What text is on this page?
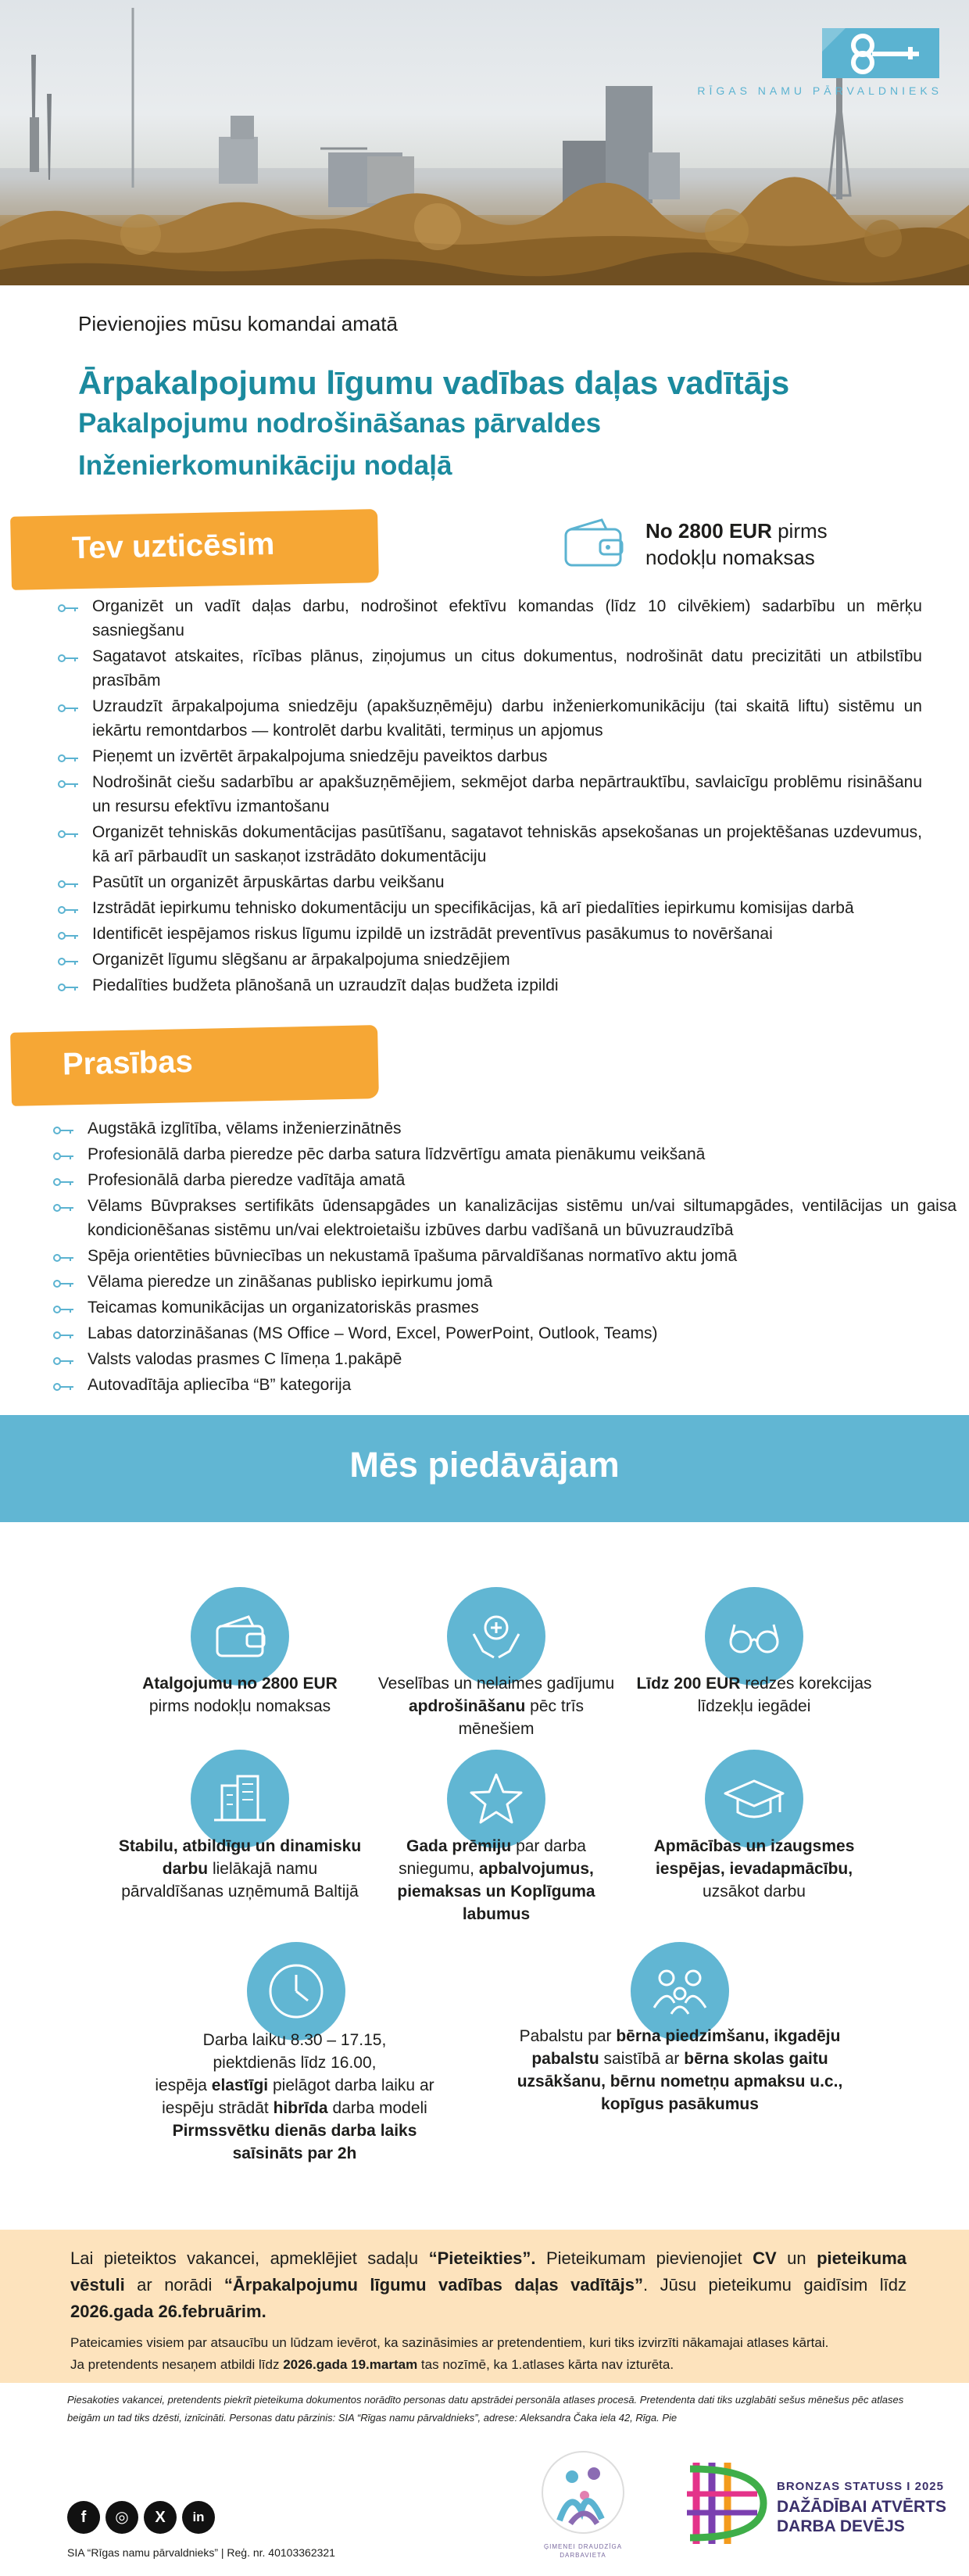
RĪGAS NAMU PĀRVALDNIEKS
Pievienojies mūsu komandai amatā
Ārpakalpojumu līgumu vadības daļas vadītājs
Pakalpojumu nodrošināšanas pārvaldes
Inženierkomunikāciju nodaļā
Tev uzticēsim	No 2800 EUR pirms
nodokļu nomaksas
Organizēt un vadīt daļas darbu, nodrošinot efektīvu komandas (līdz 10 cilvēkiem) sadarbību un mērķu sasniegšanu
Sagatavot atskaites, rīcības plānus, ziņojumus un citus dokumentus, nodrošināt datu precizitāti un atbilstību prasībām
Uzraudzīt ārpakalpojuma sniedzēju (apakšuzņēmēju) darbu inženierkomunikāciju (tai skaitā liftu) sistēmu un iekārtu remontdarbos — kontrolēt darbu kvalitāti, termiņus un apjomus
Pieņemt un izvērtēt ārpakalpojuma sniedzēju paveiktos darbus
Nodrošināt ciešu sadarbību ar apakšuzņēmējiem, sekmējot darba nepārtrauktību, savlaicīgu problēmu risināšanu un resursu efektīvu izmantošanu
Organizēt tehniskās dokumentācijas pasūtīšanu, sagatavot tehniskās apsekošanas un projektēšanas uzdevumus, kā arī pārbaudīt un saskaņot izstrādāto dokumentāciju
Pasūtīt un organizēt ārpuskārtas darbu veikšanu
Izstrādāt iepirkumu tehnisko dokumentāciju un specifikācijas, kā arī piedalīties iepirkumu komisijas darbā
Identificēt iespējamos riskus līgumu izpildē un izstrādāt preventīvus pasākumus to novēršanai
Organizēt līgumu slēgšanu ar ārpakalpojuma sniedzējiem
Piedalīties budžeta plānošanā un uzraudzīt daļas budžeta izpildi
Prasības
Augstākā izglītība, vēlams inženierzinātnēs
Profesionālā darba pieredze pēc darba satura līdzvērtīgu amata pienākumu veikšanā
Profesionālā darba pieredze vadītāja amatā
Vēlams Būvprakses sertifikāts ūdensapgādes un kanalizācijas sistēmu un/vai siltumapgādes, ventilācijas un gaisa kondicionēšanas sistēmu un/vai elektroietaišu izbūves darbu vadīšanā un būvuzraudzībā
Spēja orientēties būvniecības un nekustamā īpašuma pārvaldīšanas normatīvo aktu jomā
Vēlama pieredze un zināšanas publisko iepirkumu jomā
Teicamas komunikācijas un organizatoriskās prasmes
Labas datorzināšanas (MS Office – Word, Excel, PowerPoint, Outlook, Teams)
Valsts valodas prasmes C līmeņa 1.pakāpē
Autovadītāja apliecība “B” kategorija
Mēs piedāvājam
Atalgojumu no 2800 EUR
pirms nodokļu nomaksas
Veselības un nelaimes gadījumu apdrošināšanu pēc trīs mēnešiem
Līdz 200 EUR redzes korekcijas līdzekļu iegādei
Stabilu, atbildīgu un dinamisku darbu lielākajā namu pārvaldīšanas uzņēmumā Baltijā
Gada prēmiju par darba sniegumu, apbalvojumus, piemaksas un Koplīguma labumus
Apmācības un izaugsmes iespējas, ievadapmācību, uzsākot darbu
Darba laiku 8.30 – 17.15,
piektdienās līdz 16.00,
iespēja elastīgi pielāgot darba laiku ar
iespēju strādāt hibrīda darba modeli
Pirmssvētku dienās darba laiks saīsināts par 2h
Pabalstu par bērna piedzimšanu, ikgadēju pabalstu saistībā ar bērna skolas gaitu uzsākšanu, bērnu nometņu apmaksu u.c., kopīgus pasākumus
Lai pieteiktos vakancei, apmeklējiet sadaļu “Pieteikties”. Pieteikumam pievienojiet CV un pieteikuma vēstuli ar norādi “Ārpakalpojumu līgumu vadības daļas vadītājs”. Jūsu pieteikumu gaidīsim līdz 2026.gada 26.februārim.
Pateicamies visiem par atsaucību un lūdzam ievērot, ka sazināsimies ar pretendentiem, kuri tiks izvirzīti nākamajai atlases kārtai.
Ja pretendents nesaņem atbildi līdz 2026.gada 19.martam tas nozīmē, ka 1.atlases kārta nav izturēta.
Piesakoties vakancei, pretendents piekrīt pieteikuma dokumentos norādīto personas datu apstrādei personāla atlases procesā. Pretendenta dati tiks uzglabāti sešus mēnešus pēc atlases beigām un tad tiks dzēsti, iznīcināti. Personas datu pārzinis: SIA “Rīgas namu pārvaldnieks”, adrese: Aleksandra Čaka iela 42, Rīga. Pie
f	◎	X	in
SIA “Rīgas namu pārvaldnieks” | Reģ. nr. 40103362321	ĢIMENEI DRAUDZĪGA
DARBAVIETA
BRONZAS STATUSS I 2025
DAŽĀDĪBAI ATVĒRTS
DARBA DEVĒJS
